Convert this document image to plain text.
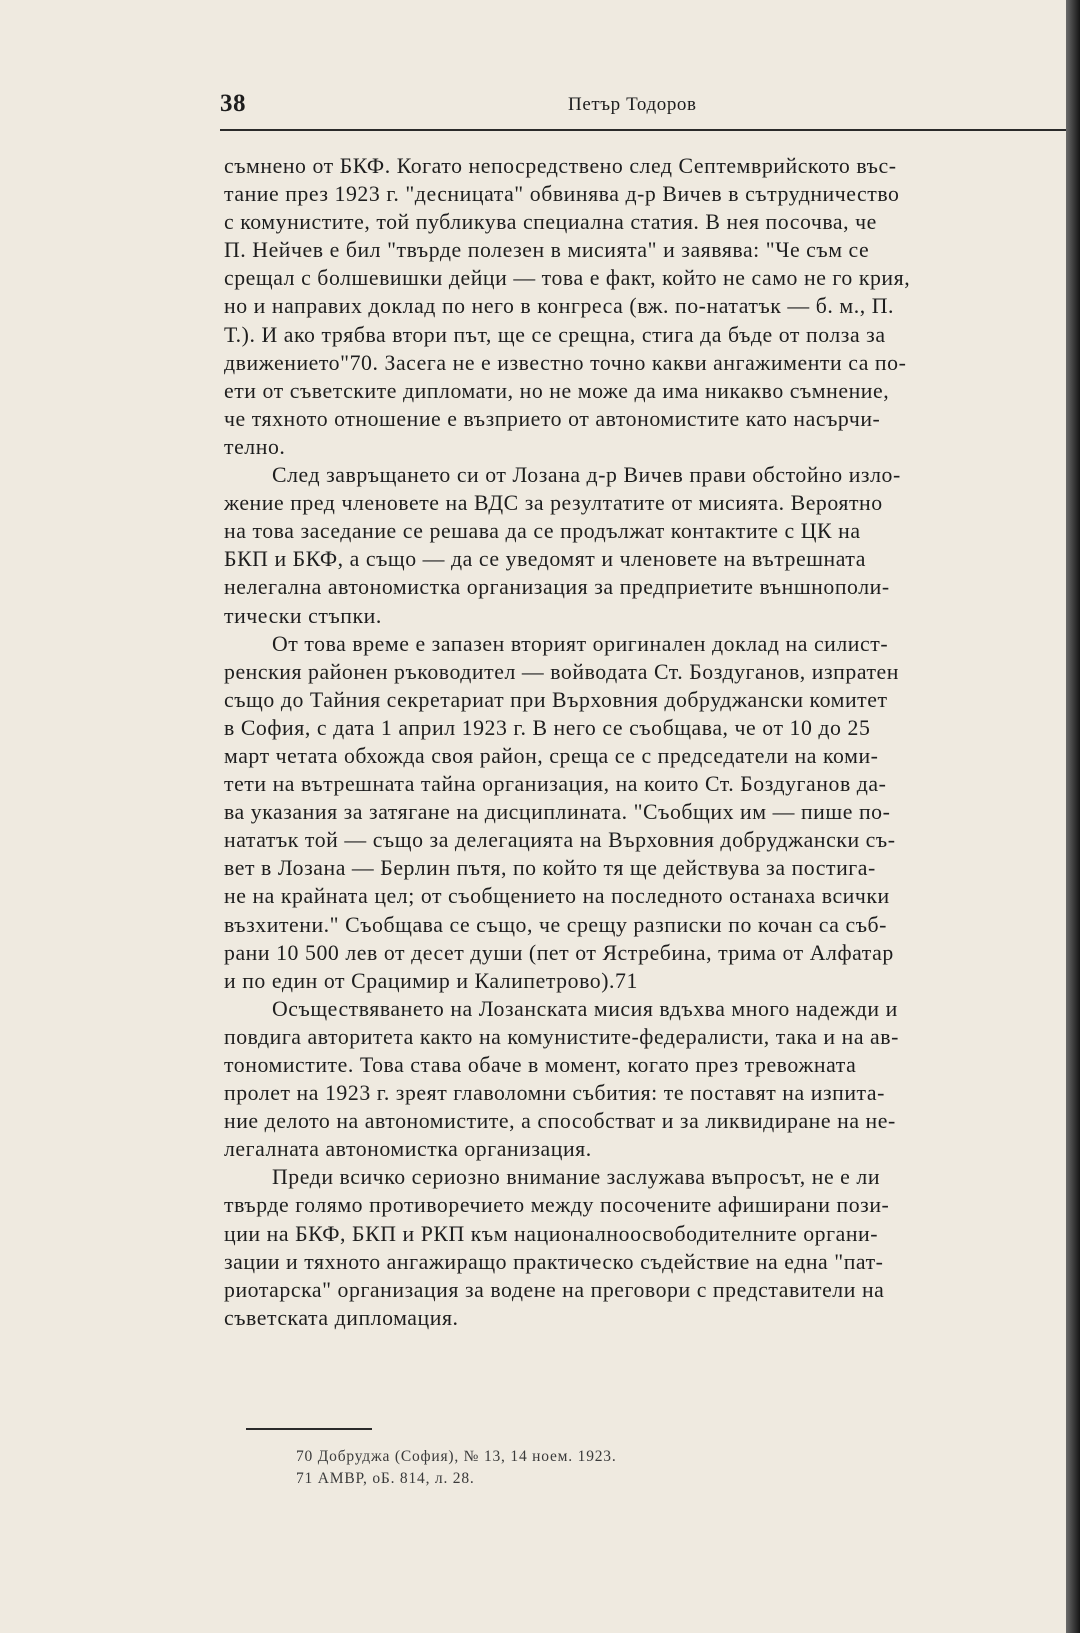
38	Петър Тодоров
съмнено от БКФ. Когато непосредствено след Септемврийското въс-
тание през 1923 г. "десницата" обвинява д-р Вичев в сътрудничество
с комунистите, той публикува специална статия. В нея посочва, че
П. Нейчев е бил "твърде полезен в мисията" и заявява: "Че съм се
срещал с болшевишки дейци — това е факт, който не само не го крия,
но и направих доклад по него в конгреса (вж. по-нататък — б. м., П.
Т.). И ако трябва втори път, ще се срещна, стига да бъде от полза за
движението"70. Засега не е известно точно какви ангажименти са по-
ети от съветските дипломати, но не може да има никакво съмнение,
че тяхното отношение е възприето от автономистите като насърчи-
телно.
След завръщането си от Лозана д-р Вичев прави обстойно изло-
жение пред членовете на ВДС за резултатите от мисията. Вероятно
на това заседание се решава да се продължат контактите с ЦК на
БКП и БКФ, а също — да се уведомят и членовете на вътрешната
нелегална автономистка организация за предприетите външнополи-
тически стъпки.
От това време е запазен вторият оригинален доклад на силист-
ренския районен ръководител — войводата Ст. Боздуганов, изпратен
също до Тайния секретариат при Върховния добруджански комитет
в София, с дата 1 април 1923 г. В него се съобщава, че от 10 до 25
март четата обхожда своя район, среща се с председатели на коми-
тети на вътрешната тайна организация, на които Ст. Боздуганов да-
ва указания за затягане на дисциплината. "Съобщих им — пише по-
нататък той — също за делегацията на Върховния добруджански съ-
вет в Лозана — Берлин пътя, по който тя ще действува за постига-
не на крайната цел; от съобщението на последното останаха всички
възхитени." Съобщава се също, че срещу разписки по кочан са съб-
рани 10 500 лев от десет души (пет от Ястребина, трима от Алфатар
и по един от Срацимир и Калипетрово).71
Осъществяването на Лозанската мисия вдъхва много надежди и
повдига авторитета както на комунистите-федералисти, така и на ав-
тономистите. Това става обаче в момент, когато през тревожната
пролет на 1923 г. зреят главоломни събития: те поставят на изпита-
ние делото на автономистите, а способстват и за ликвидиране на не-
легалната автономистка организация.
Преди всичко сериозно внимание заслужава въпросът, не е ли
твърде голямо противоречието между посочените афиширани пози-
ции на БКФ, БКП и РКП към националноосвободителните органи-
зации и тяхното ангажиращо практическо съдействие на една "пат-
риотарска" организация за водене на преговори с представители на
съветската дипломация.
70 Добруджа (София), № 13, 14 ноем. 1923.
71 АМВР, оБ. 814, л. 28.
